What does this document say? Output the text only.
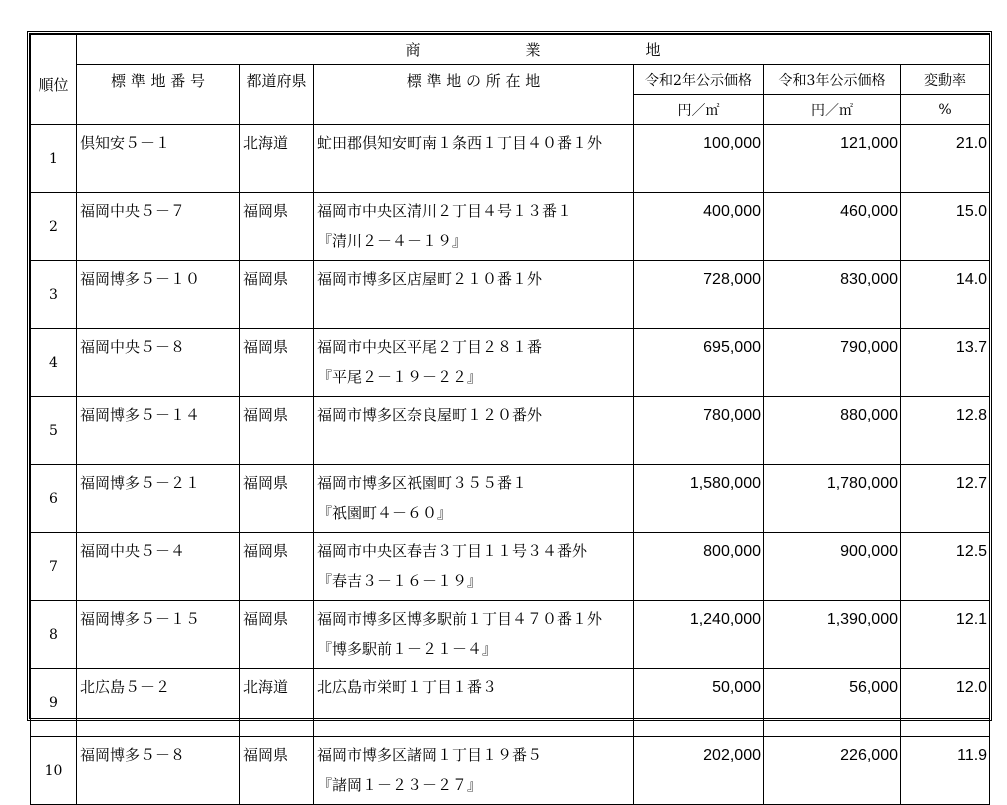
順位	商 業 地					
	標 準 地 番 号	都道府県	標 準 地 の 所 在 地	令和2年公示価格	令和3年公示価格	変動率
				円／㎡	円／㎡	%
1	倶知安５－１	北海道	虻田郡倶知安町南１条西１丁目４０番１外	100,000	121,000	21.0
2	福岡中央５－７	福岡県	福岡市中央区清川２丁目４号１３番１
『清川２－４－１９』	400,000	460,000	15.0
3	福岡博多５－１０	福岡県	福岡市博多区店屋町２１０番１外	728,000	830,000	14.0
4	福岡中央５－８	福岡県	福岡市中央区平尾２丁目２８１番
『平尾２－１９－２２』	695,000	790,000	13.7
5	福岡博多５－１４	福岡県	福岡市博多区奈良屋町１２０番外	780,000	880,000	12.8
6	福岡博多５－２１	福岡県	福岡市博多区祇園町３５５番１
『祇園町４－６０』	1,580,000	1,780,000	12.7
7	福岡中央５－４	福岡県	福岡市中央区春吉３丁目１１号３４番外
『春吉３－１６－１９』	800,000	900,000	12.5
8	福岡博多５－１５	福岡県	福岡市博多区博多駅前１丁目４７０番１外
『博多駅前１－２１－４』	1,240,000	1,390,000	12.1
9	北広島５－２	北海道	北広島市栄町１丁目１番３	50,000	56,000	12.0
10	福岡博多５－８	福岡県	福岡市博多区諸岡１丁目１９番５
『諸岡１－２３－２７』	202,000	226,000	11.9
